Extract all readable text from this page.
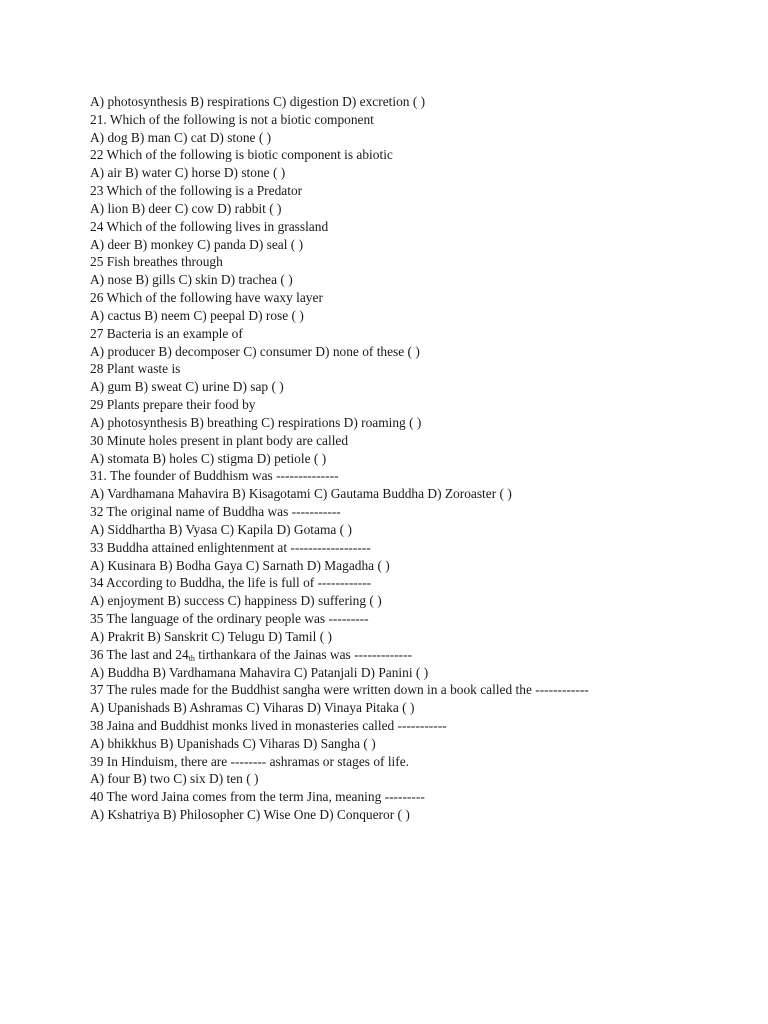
A) photosynthesis B) respirations C) digestion D) excretion ( )
21. Which of the following is not a biotic component
A) dog B) man C) cat D) stone ( )
22 Which of the following is biotic component is abiotic
A) air B) water C) horse D) stone ( )
23 Which of the following is a Predator
A) lion B) deer C) cow D) rabbit ( )
24 Which of the following lives in grassland
A) deer B) monkey C) panda D) seal ( )
25 Fish breathes through
A) nose B) gills C) skin D) trachea ( )
26 Which of the following have waxy layer
A) cactus B) neem C) peepal D) rose ( )
27 Bacteria is an example of
A) producer B) decomposer C) consumer D) none of these ( )
28 Plant waste is
A) gum B) sweat C) urine D) sap ( )
29 Plants prepare their food by
A) photosynthesis B) breathing C) respirations D) roaming ( )
30 Minute holes present in plant body are called
A) stomata B) holes C) stigma D) petiole ( )
31. The founder of Buddhism was --------------
A) Vardhamana Mahavira B) Kisagotami C) Gautama Buddha D) Zoroaster ( )
32 The original name of Buddha was -----------
A) Siddhartha B) Vyasa C) Kapila D) Gotama ( )
33 Buddha attained enlightenment at ------------------
A) Kusinara B) Bodha Gaya C) Sarnath D) Magadha ( )
34 According to Buddha, the life is full of ------------
A) enjoyment B) success C) happiness D) suffering ( )
35 The language of the ordinary people was ---------
A) Prakrit B) Sanskrit C) Telugu D) Tamil ( )
36 The last and $24_{th}$ tirthankara of the Jainas was -------------
A) Buddha B) Vardhamana Mahavira C) Patanjali D) Panini ( )
37 The rules made for the Buddhist sangha were written down in a book called the ------------
A) Upanishads B) Ashramas C) Viharas D) Vinaya Pitaka ( )
38 Jaina and Buddhist monks lived in monasteries called -----------
A) bhikkhus B) Upanishads C) Viharas D) Sangha ( )
39 In Hinduism, there are -------- ashramas or stages of life.
A) four B) two C) six D) ten ( )
40 The word Jaina comes from the term Jina, meaning ---------
A) Kshatriya B) Philosopher C) Wise One D) Conqueror ( )
